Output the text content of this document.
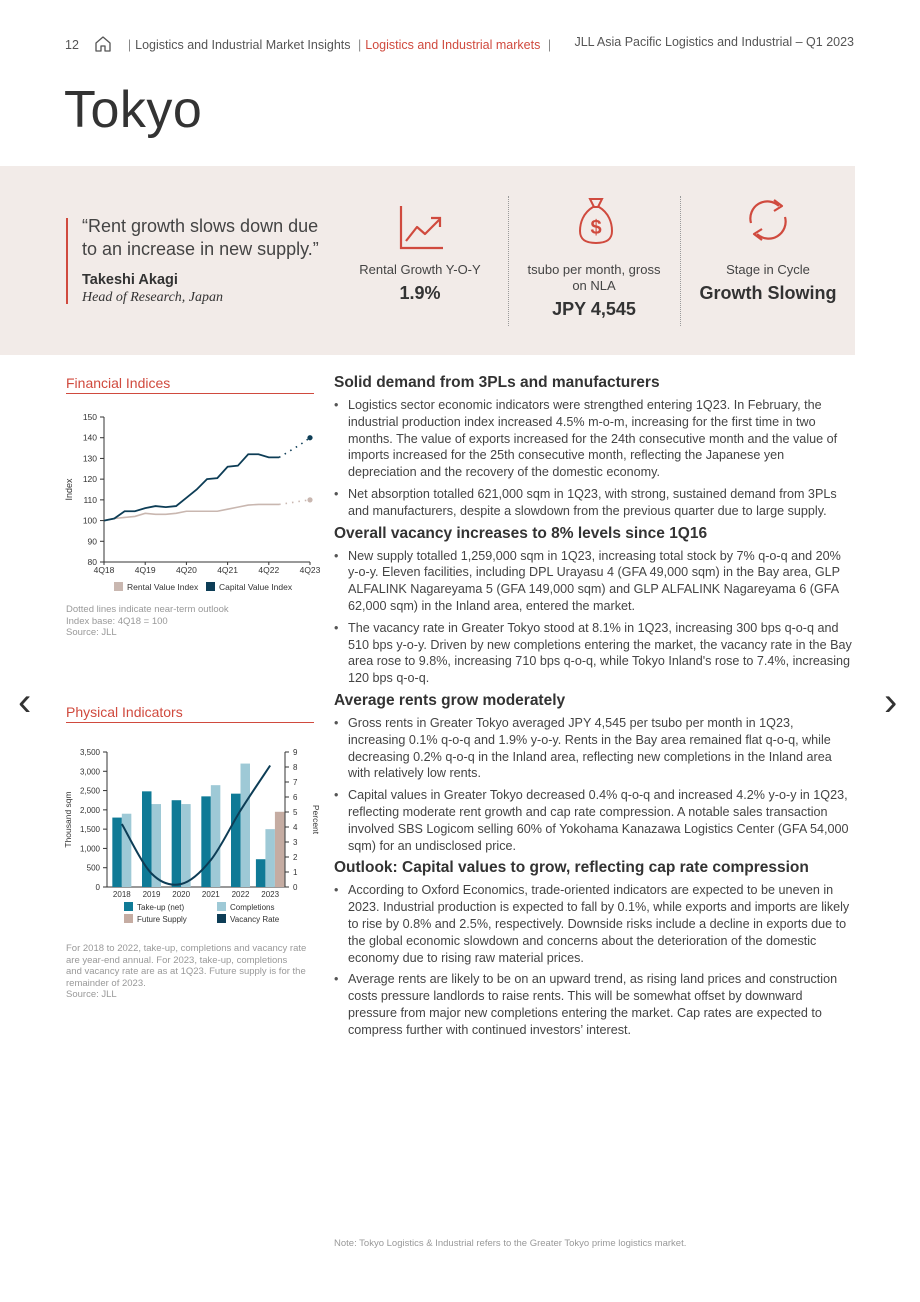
12	| Logistics and Industrial Market Insights | Logistics and Industrial markets |	JLL Asia Pacific Logistics and Industrial – Q1 2023
Tokyo
“Rent growth slows down due to an increase in new supply.”
Takeshi Akagi
Head of Research, Japan
Rental Growth Y-O-Y
1.9%
$
tsubo per month, gross on NLA
JPY 4,545
Stage in Cycle
Growth Slowing
Financial Indices
80
90
100
110
120
130
140
150
4Q18 4Q19 4Q20 4Q21 4Q22 4Q23
Index
Rental Value Index Capital Value Index
Dotted lines indicate near-term outlook
Index base: 4Q18 = 100
Source: JLL
Physical Indicators
0
500
1,000
1,500
2,000
2,500
3,000
3,500
0
1
2
3
4
5
6
7
8
9
Thousand sqm	Percent
2018 2019 2020 2021 2022 2023
Take-up (net)	Completions
Future Supply	Vacancy Rate
For 2018 to 2022, take-up, completions and vacancy rate
are year-end annual. For 2023, take-up, completions
and vacancy rate are as at 1Q23. Future supply is for the
remainder of 2023.
Source: JLL
Solid demand from 3PLs and manufacturers
• Logistics sector economic indicators were strengthed entering 1Q23. In February, the industrial production index increased 4.5% m-o-m, increasing for the first time in two months. The value of exports increased for the 24th consecutive month and the value of imports increased for the 25th consecutive month, reflecting the Japanese yen depreciation and the recovery of the domestic economy.
• Net absorption totalled 621,000 sqm in 1Q23, with strong, sustained demand from 3PLs and manufacturers, despite a slowdown from the previous quarter due to large supply.
Overall vacancy increases to 8% levels since 1Q16
• New supply totalled 1,259,000 sqm in 1Q23, increasing total stock by 7% q-o-q and 20% y-o-y. Eleven facilities, including DPL Urayasu 4 (GFA 49,000 sqm) in the Bay area, GLP ALFALINK Nagareyama 5 (GFA 149,000 sqm) and GLP ALFALINK Nagareyama 6 (GFA 62,000 sqm) in the Inland area, entered the market.
• The vacancy rate in Greater Tokyo stood at 8.1% in 1Q23, increasing 300 bps q-o-q and 510 bps y-o-y. Driven by new completions entering the market, the vacancy rate in the Bay area rose to 9.8%, increasing 710 bps q-o-q, while Tokyo Inland's rose to 7.4%, increasing 120 bps q-o-q.
Average rents grow moderately
• Gross rents in Greater Tokyo averaged JPY 4,545 per tsubo per month in 1Q23, increasing 0.1% q-o-q and 1.9% y-o-y. Rents in the Bay area remained flat q-o-q, while decreasing 0.2% q-o-q in the Inland area, reflecting new completions in the Inland area with relatively low rents.
• Capital values in Greater Tokyo decreased 0.4% q-o-q and increased 4.2% y-o-y in 1Q23, reflecting moderate rent growth and cap rate compression. A notable sales transaction involved SBS Logicom selling 60% of Yokohama Kanazawa Logistics Center (GFA 54,000 sqm) for an undisclosed price.
Outlook: Capital values to grow, reflecting cap rate compression
• According to Oxford Economics, trade-oriented indicators are expected to be uneven in 2023. Industrial production is expected to fall by 0.1%, while exports and imports are likely to rise by 0.8% and 2.5%, respectively. Downside risks include a decline in exports due to the global economic slowdown and concerns about the deterioration of the domestic economy due to rising raw material prices.
• Average rents are likely to be on an upward trend, as rising land prices and construction costs pressure landlords to raise rents. This will be somewhat offset by downward pressure from major new completions entering the market. Cap rates are expected to compress further with continued investors’ interest.
Note: Tokyo Logistics & Industrial refers to the Greater Tokyo prime logistics market.
‹	›
